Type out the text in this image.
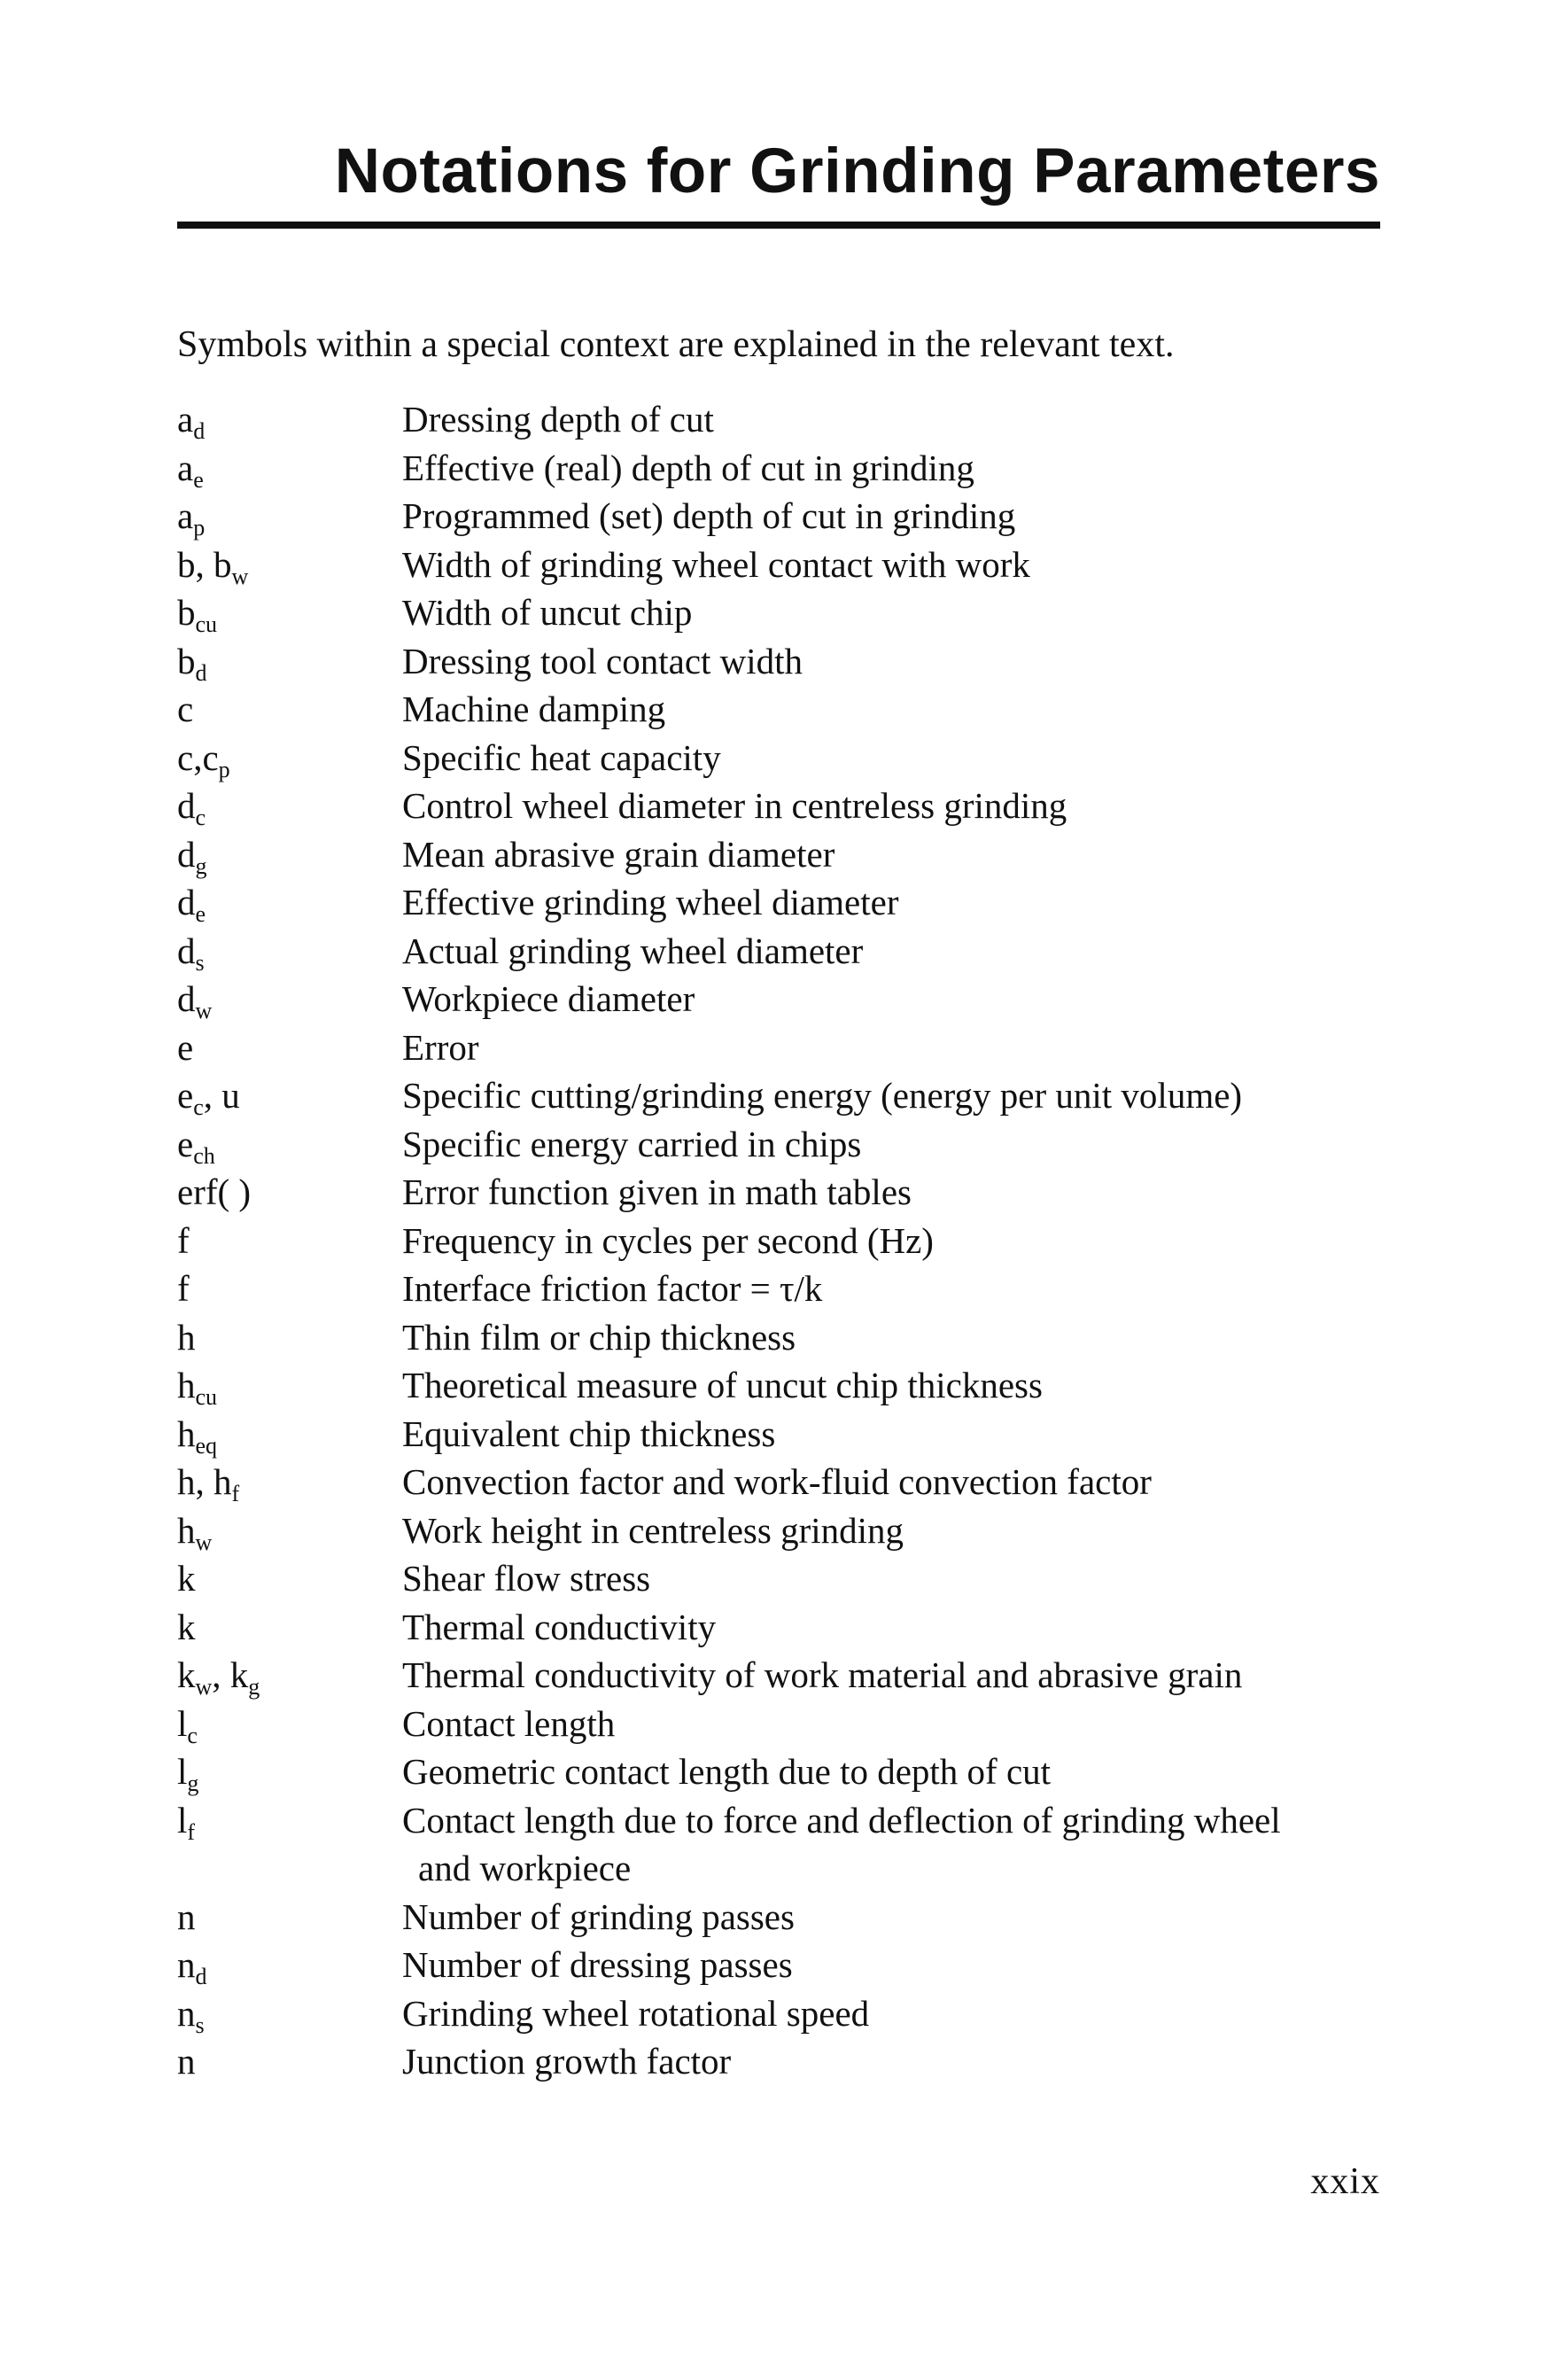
Notations for Grinding Parameters

Symbols within a special context are explained in the relevant text.

$a_d$	Dressing depth of cut
$a_e$	Effective (real) depth of cut in grinding
$a_p$	Programmed (set) depth of cut in grinding
b, $b_w$	Width of grinding wheel contact with work
$b_{cu}$	Width of uncut chip
$b_d$	Dressing tool contact width
c	Machine damping
$c,c_p$	Specific heat capacity
$d_c$	Control wheel diameter in centreless grinding
$d_g$	Mean abrasive grain diameter
$d_e$	Effective grinding wheel diameter
$d_s$	Actual grinding wheel diameter
$d_w$	Workpiece diameter
e	Error
$e_c$, u	Specific cutting/grinding energy (energy per unit volume)
$e_{ch}$	Specific energy carried in chips
erf( )	Error function given in math tables
f	Frequency in cycles per second (Hz)
f	Interface friction factor = τ/k
h	Thin film or chip thickness
$h_{cu}$	Theoretical measure of uncut chip thickness
$h_{eq}$	Equivalent chip thickness
h, $h_f$	Convection factor and work-fluid convection factor
$h_w$	Work height in centreless grinding
k	Shear flow stress
k	Thermal conductivity
$k_w$, $k_g$	Thermal conductivity of work material and abrasive grain
$l_c$	Contact length
$l_g$	Geometric contact length due to depth of cut
$l_f$	Contact length due to force and deflection of grinding wheel
and workpiece
n	Number of grinding passes
$n_d$	Number of dressing passes
$n_s$	Grinding wheel rotational speed
n	Junction growth factor

xxix
